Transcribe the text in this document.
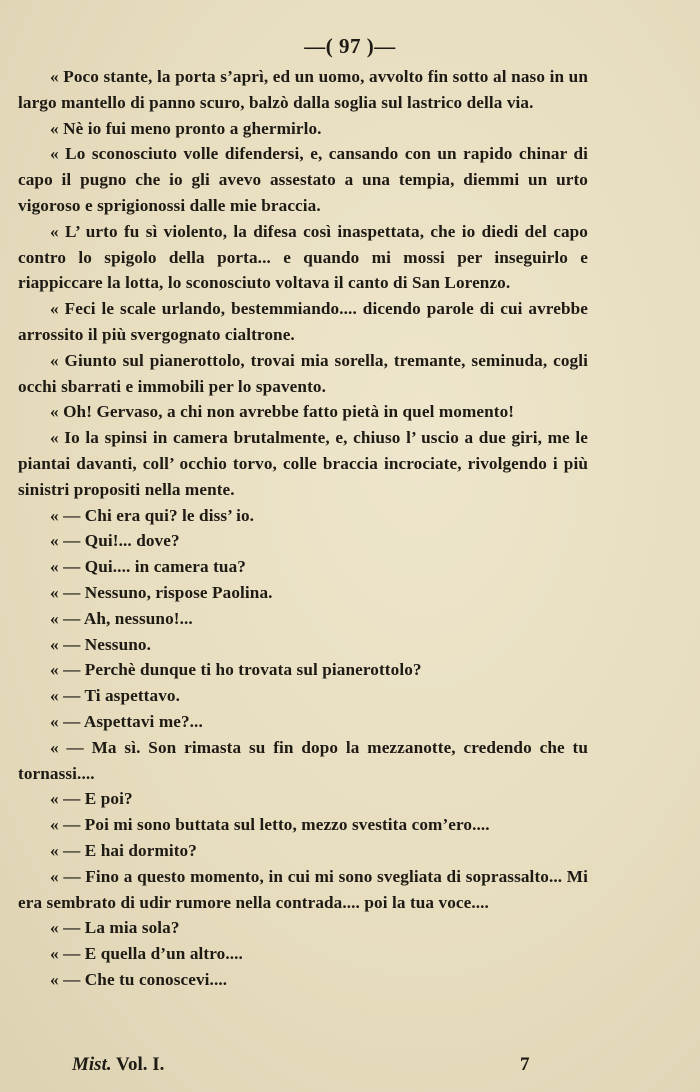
—( 97 )—

« Poco stante, la porta s’aprì, ed un uomo, avvolto fin sotto al naso in un largo mantello di panno scuro, balzò dalla soglia sul lastrico della via.

« Nè io fui meno pronto a ghermirlo.

« Lo sconosciuto volle difendersi, e, cansando con un rapido chinar di capo il pugno che io gli avevo assestato a una tempia, diemmi un urto vigoroso e sprigionossi dalle mie braccia.

« L’ urto fu sì violento, la difesa così inaspettata, che io diedi del capo contro lo spigolo della porta... e quando mi mossi per inseguirlo e riappiccare la lotta, lo sconosciuto voltava il canto di San Lorenzo.

« Feci le scale urlando, bestemmiando.... dicendo parole di cui avrebbe arrossito il più svergognato cialtrone.

« Giunto sul pianerottolo, trovai mia sorella, tremante, seminuda, cogli occhi sbarrati e immobili per lo spavento.

« Oh! Gervaso, a chi non avrebbe fatto pietà in quel momento!

« Io la spinsi in camera brutalmente, e, chiuso l’ uscio a due giri, me le piantai davanti, coll’ occhio torvo, colle braccia incrociate, rivolgendo i più sinistri propositi nella mente.

« — Chi era qui? le diss’ io.

« — Qui!... dove?

« — Qui.... in camera tua?

« — Nessuno, rispose Paolina.

« — Ah, nessuno!...

« — Nessuno.

« — Perchè dunque ti ho trovata sul pianerottolo?

« — Ti aspettavo.

« — Aspettavi me?...

« — Ma sì. Son rimasta su fin dopo la mezzanotte, credendo che tu tornassi....

« — E poi?

« — Poi mi sono buttata sul letto, mezzo svestita com’ero....

« — E hai dormito?

« — Fino a questo momento, in cui mi sono svegliata di soprassalto... Mi era sembrato di udir rumore nella contrada.... poi la tua voce....

« — La mia sola?

« — E quella d’un altro....

« — Che tu conoscevi....

Mist. Vol. I.	7
